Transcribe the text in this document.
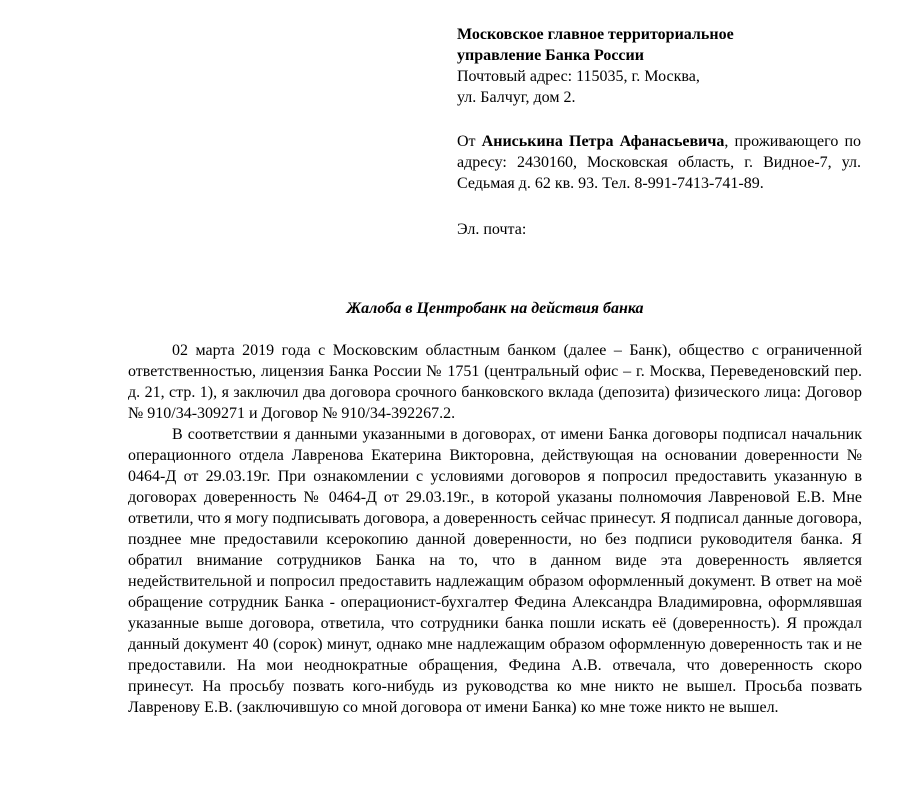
Московское главное территориальное
управление Банка России
Почтовый адрес: 115035, г. Москва,
ул. Балчуг, дом 2.
От Аниськина Петра Афанасьевича, проживающего по адресу: 2430160, Московская область, г. Видное-7, ул. Седьмая д. 62 кв. 93. Тел. 8-991-7413-741-89.
Эл. почта:
Жалоба в Центробанк на действия банка

02 марта 2019 года с Московским областным банком (далее – Банк), общество с ограниченной ответственностью, лицензия Банка России № 1751 (центральный офис – г. Москва, Переведеновский пер. д. 21, стр. 1), я заключил два договора срочного банковского вклада (депозита) физического лица: Договор № 910/34-309271 и Договор № 910/34-392267.2.

В соответствии я данными указанными в договорах, от имени Банка договоры подписал начальник операционного отдела Лавренова Екатерина Викторовна, действующая на основании доверенности № 0464-Д от 29.03.19г. При ознакомлении с условиями договоров я попросил предоставить указанную в договорах доверенность № 0464-Д от 29.03.19г., в которой указаны полномочия Лавреновой Е.В. Мне ответили, что я могу подписывать договора, а доверенность сейчас принесут. Я подписал данные договора, позднее мне предоставили ксерокопию данной доверенности, но без подписи руководителя банка. Я обратил внимание сотрудников Банка на то, что в данном виде эта доверенность является недействительной и попросил предоставить надлежащим образом оформленный документ. В ответ на моё обращение сотрудник Банка - операционист-бухгалтер Федина Александра Владимировна, оформлявшая указанные выше договора, ответила, что сотрудники банка пошли искать её (доверенность). Я прождал данный документ 40 (сорок) минут, однако мне надлежащим образом оформленную доверенность так и не предоставили. На мои неоднократные обращения, Федина А.В. отвечала, что доверенность скоро принесут. На просьбу позвать кого-нибудь из руководства ко мне никто не вышел. Просьба позвать Лавренову Е.В. (заключившую со мной договора от имени Банка) ко мне тоже никто не вышел.
